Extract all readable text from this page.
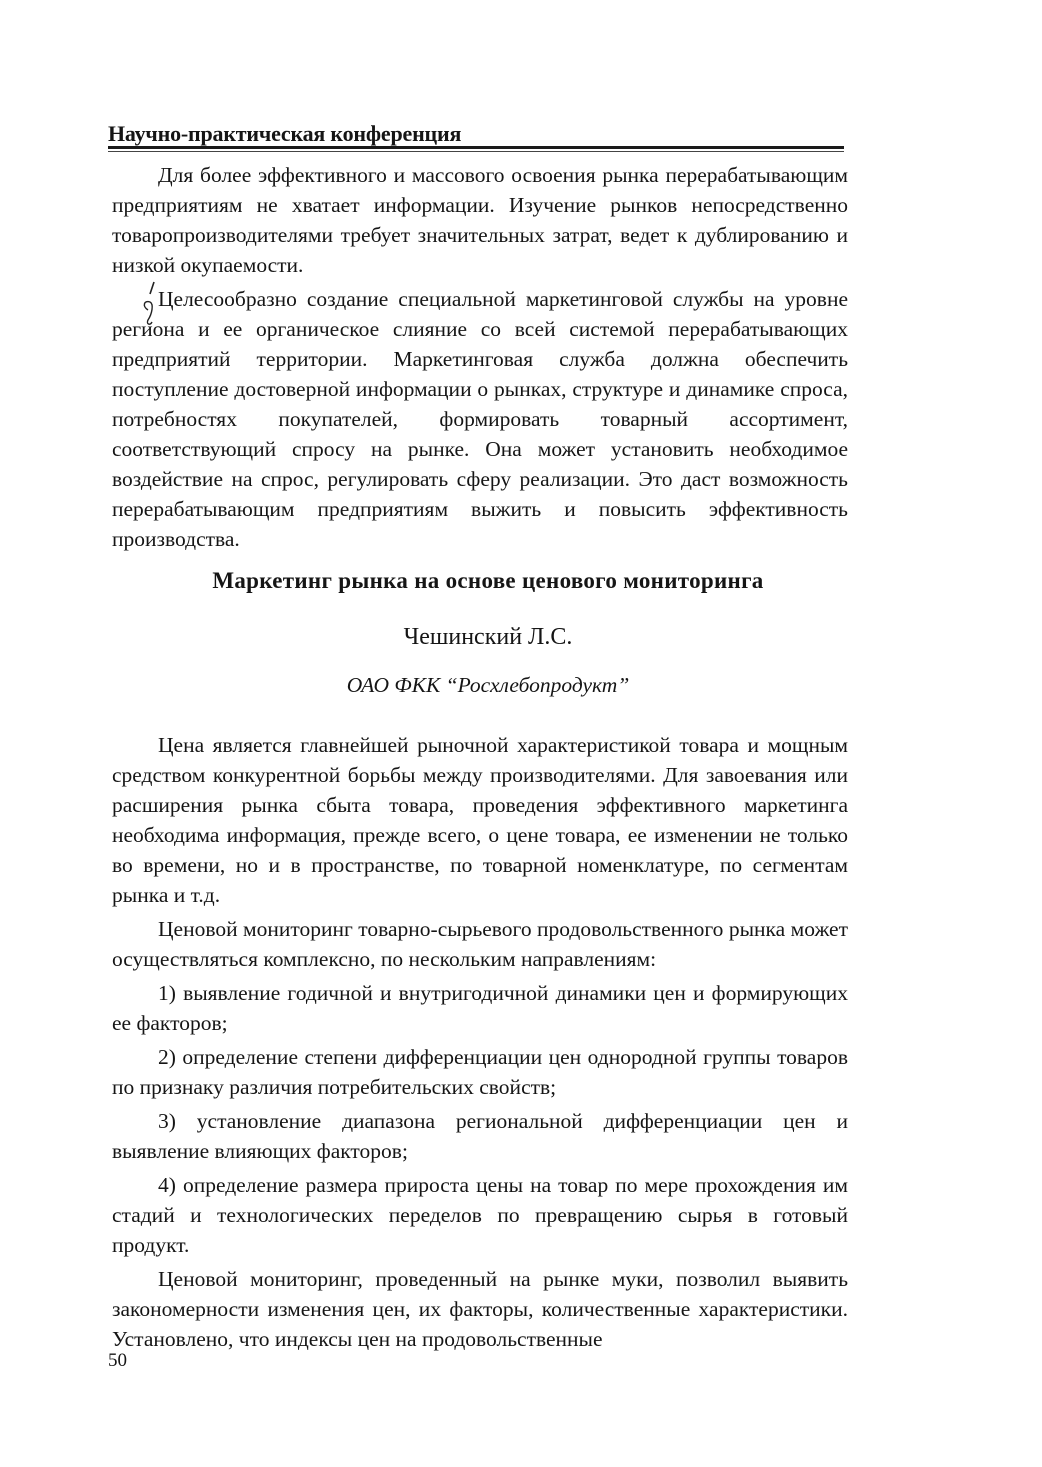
Научно-практическая конференция

Для более эффективного и массового освоения рынка перерабатывающим предприятиям не хватает информации. Изучение рынков непосредственно товаропроизводителями требует значительных затрат, ведет к дублированию и низкой окупаемости.

Целесообразно создание специальной маркетинговой службы на уровне региона и ее органическое слияние со всей системой перерабатывающих предприятий территории. Маркетинговая служба должна обеспечить поступление достоверной информации о рынках, структуре и динамике спроса, потребностях покупателей, формировать товарный ассортимент, соответствующий спросу на рынке. Она может установить необходимое воздействие на спрос, регулировать сферу реализации. Это даст возможность перерабатывающим предприятиям выжить и повысить эффективность производства.

Маркетинг рынка на основе ценового мониторинга
Чешинский Л.С.
ОАО ФКК “Росхлебопродукт”

Цена является главнейшей рыночной характеристикой товара и мощным средством конкурентной борьбы между производителями. Для завоевания или расширения рынка сбыта товара, проведения эффективного маркетинга необходима информация, прежде всего, о цене товара, ее изменении не только во времени, но и в пространстве, по товарной номенклатуре, по сегментам рынка и т.д.

Ценовой мониторинг товарно-сырьевого продовольственного рынка может осуществляться комплексно, по нескольким направлениям:

1) выявление годичной и внутригодичной динамики цен и формирующих ее факторов;

2) определение степени дифференциации цен однородной группы товаров по признаку различия потребительских свойств;

3) установление диапазона региональной дифференциации цен и выявление влияющих факторов;

4) определение размера прироста цены на товар по мере прохождения им стадий и технологических переделов по превращению сырья в готовый продукт.

Ценовой мониторинг, проведенный на рынке муки, позволил выявить закономерности изменения цен, их факторы, количественные характеристики. Установлено, что индексы цен на продовольственные

50
